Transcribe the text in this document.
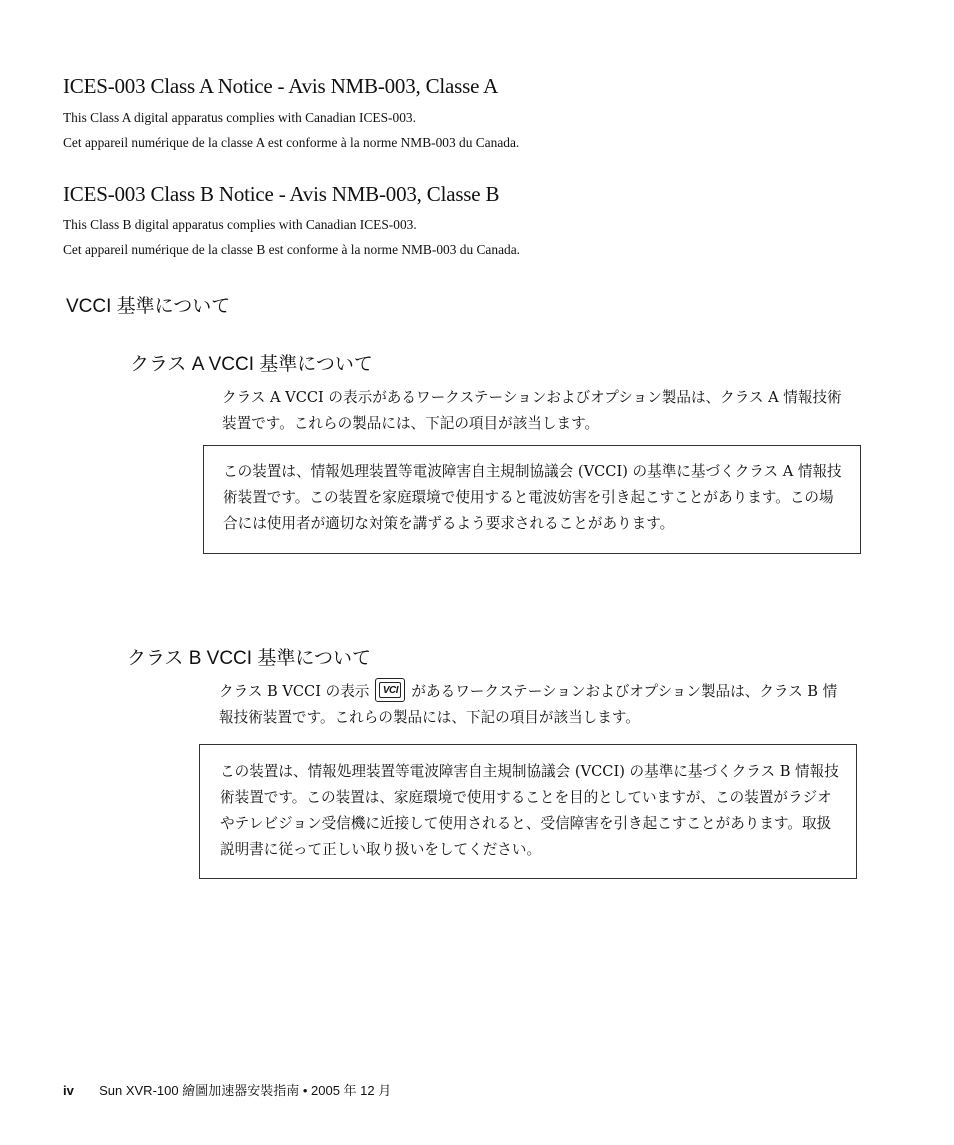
ICES-003 Class A Notice - Avis NMB-003, Classe A
This Class A digital apparatus complies with Canadian ICES-003.
Cet appareil numérique de la classe A est conforme à la norme NMB-003 du Canada.
ICES-003 Class B Notice - Avis NMB-003, Classe B
This Class B digital apparatus complies with Canadian ICES-003.
Cet appareil numérique de la classe B est conforme à la norme NMB-003 du Canada.
VCCI 基準について
クラス A VCCI 基準について
クラス A VCCI の表示があるワークステーションおよびオプション製品は、クラス A 情報技術装置です。これらの製品には、下記の項目が該当します。
この装置は、情報処理装置等電波障害自主規制協議会 (VCCI) の基準に基づくクラス A 情報技術装置です。この装置を家庭環境で使用すると電波妨害を引き起こすことがあります。この場合には使用者が適切な対策を講ずるよう要求されることがあります。
クラス B VCCI 基準について
クラス B VCCI の表示	VCI があるワークステーションおよびオプション製品は、クラス B 情報技術装置です。これらの製品には、下記の項目が該当します。
この装置は、情報処理装置等電波障害自主規制協議会 (VCCI) の基準に基づくクラス B 情報技術装置です。この装置は、家庭環境で使用することを目的としていますが、この装置がラジオやテレビジョン受信機に近接して使用されると、受信障害を引き起こすことがあります。取扱説明書に従って正しい取り扱いをしてください。
iv Sun XVR-100 繪圖加速器安裝指南 • 2005 年 12 月
